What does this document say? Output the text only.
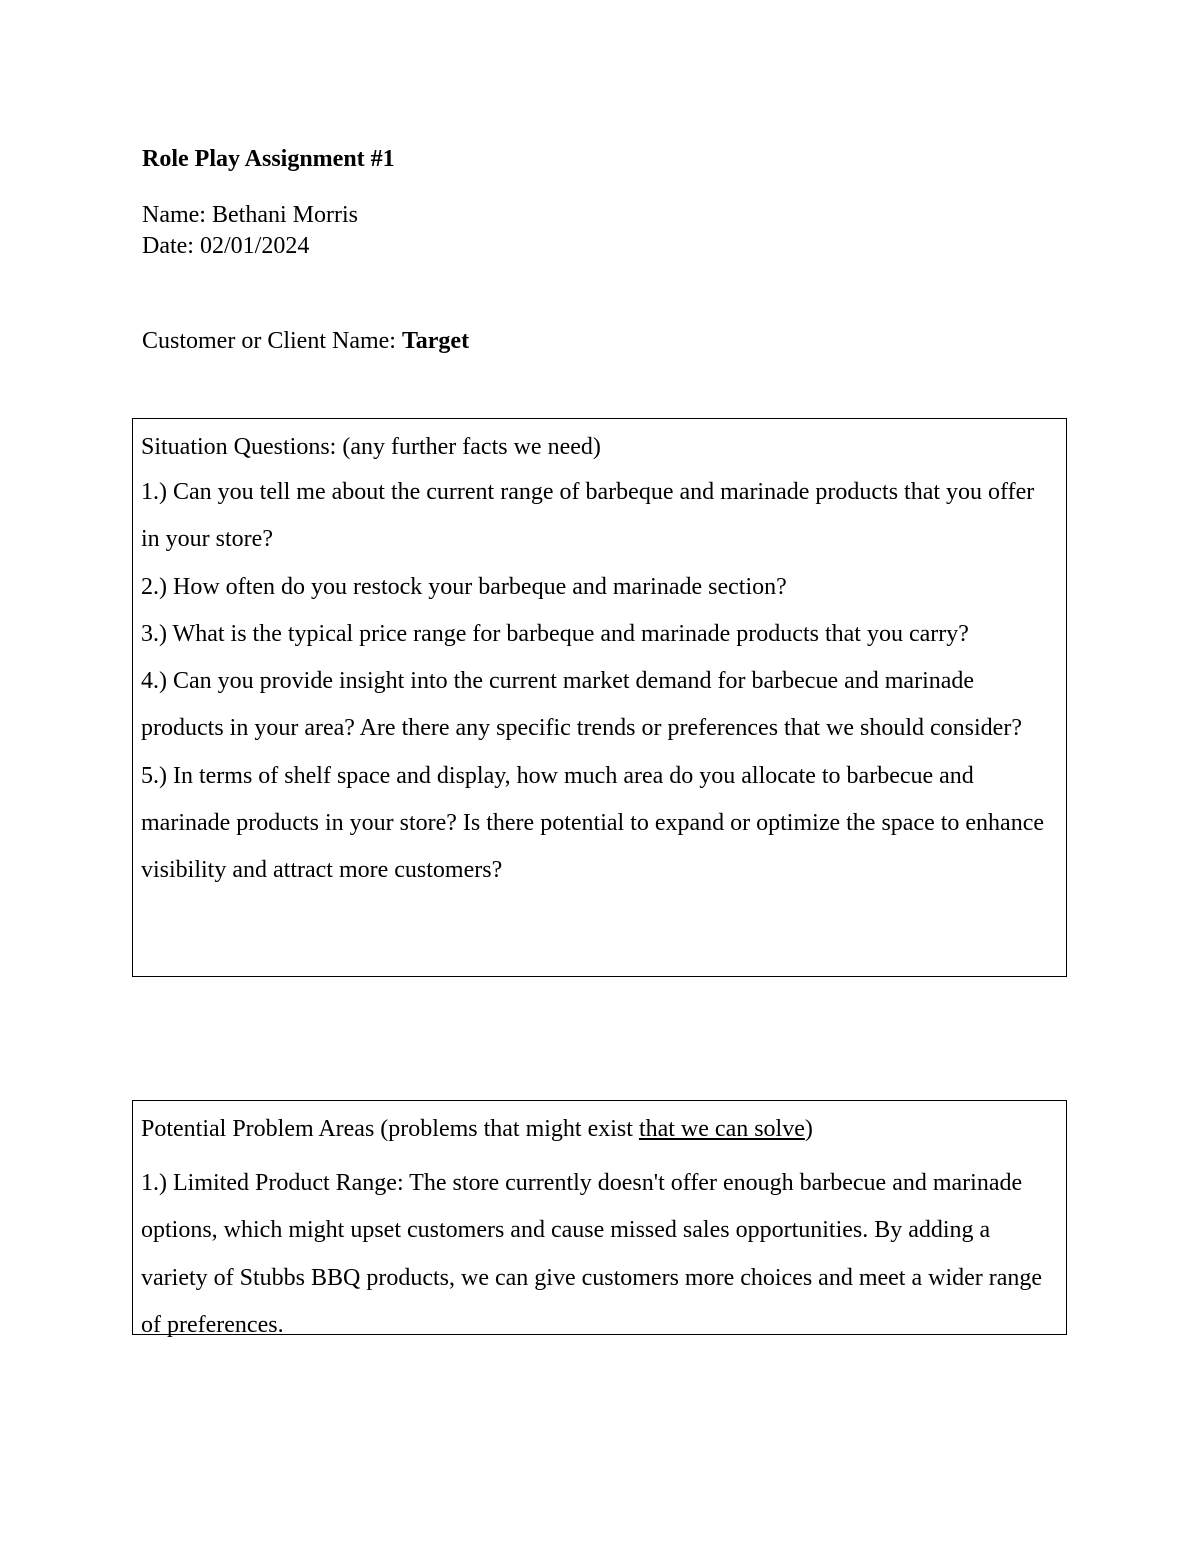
Role Play Assignment #1
Name: Bethani Morris
Date: 02/01/2024
Customer or Client Name: Target

Situation Questions: (any further facts we need)

1.) Can you tell me about the current range of barbeque and marinade products that you offer in your store?

2.) How often do you restock your barbeque and marinade section?

3.) What is the typical price range for barbeque and marinade products that you carry?

4.) Can you provide insight into the current market demand for barbecue and marinade products in your area? Are there any specific trends or preferences that we should consider?

5.) In terms of shelf space and display, how much area do you allocate to barbecue and marinade products in your store? Is there potential to expand or optimize the space to enhance visibility and attract more customers?

Potential Problem Areas (problems that might exist that we can solve)

1.) Limited Product Range: The store currently doesn't offer enough barbecue and marinade options, which might upset customers and cause missed sales opportunities. By adding a variety of Stubbs BBQ products, we can give customers more choices and meet a wider range of preferences.
